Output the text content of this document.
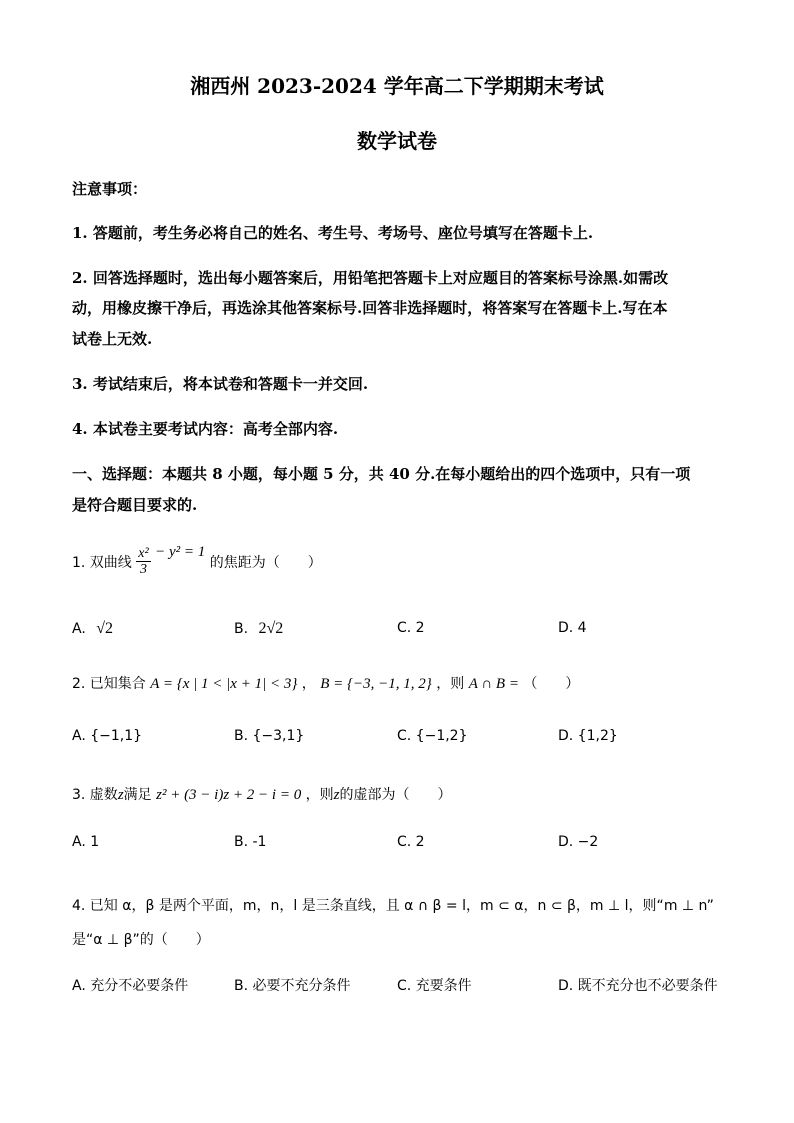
湘西州 2023-2024 学年高二下学期期末考试
数学试卷
注意事项：
1. 答题前，考生务必将自己的姓名、考生号、考场号、座位号填写在答题卡上.
2. 回答选择题时，选出每小题答案后，用铅笔把答题卡上对应题目的答案标号涂黑.如需改
动，用橡皮擦干净后，再选涂其他答案标号.回答非选择题时，将答案写在答题卡上.写在本
试卷上无效.
3. 考试结束后，将本试卷和答题卡一并交回.
4. 本试卷主要考试内容：高考全部内容.
一、选择题：本题共 8 小题，每小题 5 分，共 40 分.在每小题给出的四个选项中，只有一项
是符合题目要求的.
1. 双曲线 $\frac{\text{x²}}{3} - y^2 = 1$ 的焦距为（　　）
A. √2	B. 2√2	C. 2	D. 4
2. 已知集合 A = {x | 1 < |x + 1| < 3} ， B = {−3, −1, 1, 2} ，则 A ∩ B = （　　）
A. {−1,1}	B. {−3,1}	C. {−1,2}	D. {1,2}
3. 虚数z满足 z² + (3 − i)z + 2 − i = 0 ，则z的虚部为（　　）
A. 1	B. -1	C. 2	D. −2
4. 已知 α，β 是两个平面，m，n，l 是三条直线，且 α ∩ β = l，m ⊂ α，n ⊂ β，m ⊥ l，则“m ⊥ n”
是“α ⊥ β”的（　　）
A. 充分不必要条件	B. 必要不充分条件	C. 充要条件	D. 既不充分也不必要条件
